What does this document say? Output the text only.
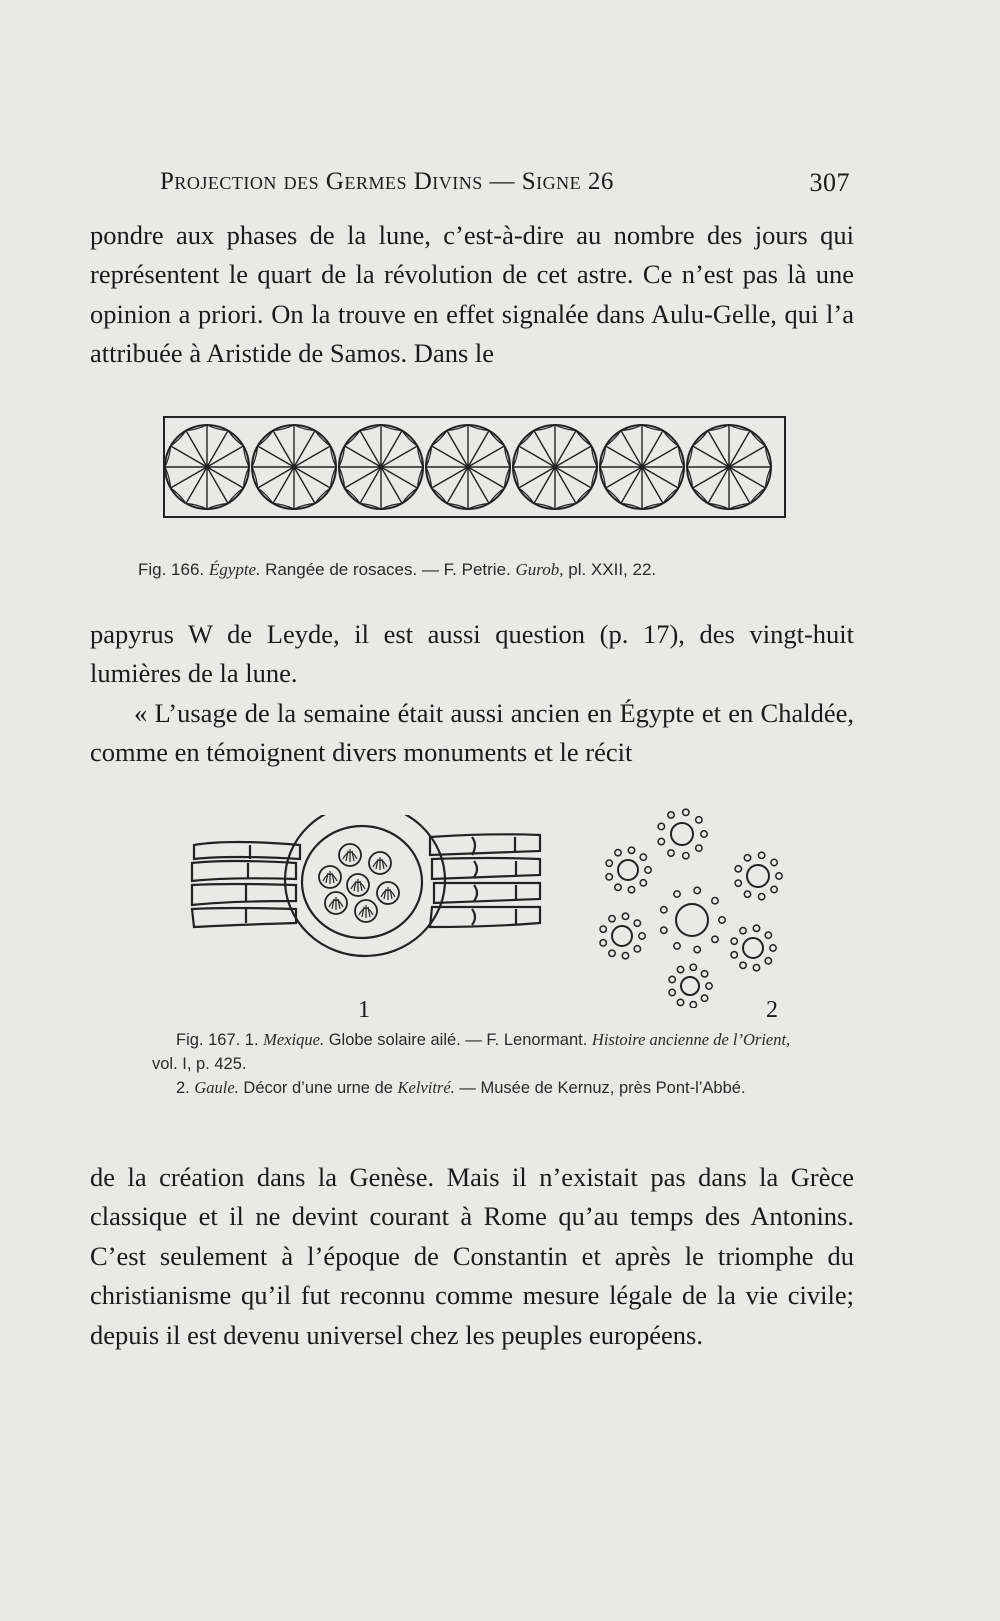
Projection des Germes Divins — Signe 26	307

pondre aux phases de la lune, c’est-à-dire au nombre des jours qui représentent le quart de la révolution de cet astre. Ce n’est pas là une opinion a priori. On la trouve en effet signalée dans Aulu-Gelle, qui l’a attribuée à Aristide de Samos. Dans le

Fig. 166. Égypte. Rangée de rosaces. — F. Petrie. Gurob, pl. XXII, 22.

papyrus W de Leyde, il est aussi question (p. 17), des vingt-huit lumières de la lune.

« L’usage de la semaine était aussi ancien en Égypte et en Chaldée, comme en témoignent divers monuments et le récit

1	2
Fig. 167. 1. Mexique. Globe solaire ailé. — F. Lenormant. Histoire ancienne de l’Orient, vol. I, p. 425.
2. Gaule. Décor d’une urne de Kelvitré. — Musée de Kernuz, près Pont-l’Abbé.

de la création dans la Genèse. Mais il n’existait pas dans la Grèce classique et il ne devint courant à Rome qu’au temps des Antonins. C’est seulement à l’époque de Constantin et après le triomphe du christianisme qu’il fut reconnu comme mesure légale de la vie civile; depuis il est devenu universel chez les peuples européens.
